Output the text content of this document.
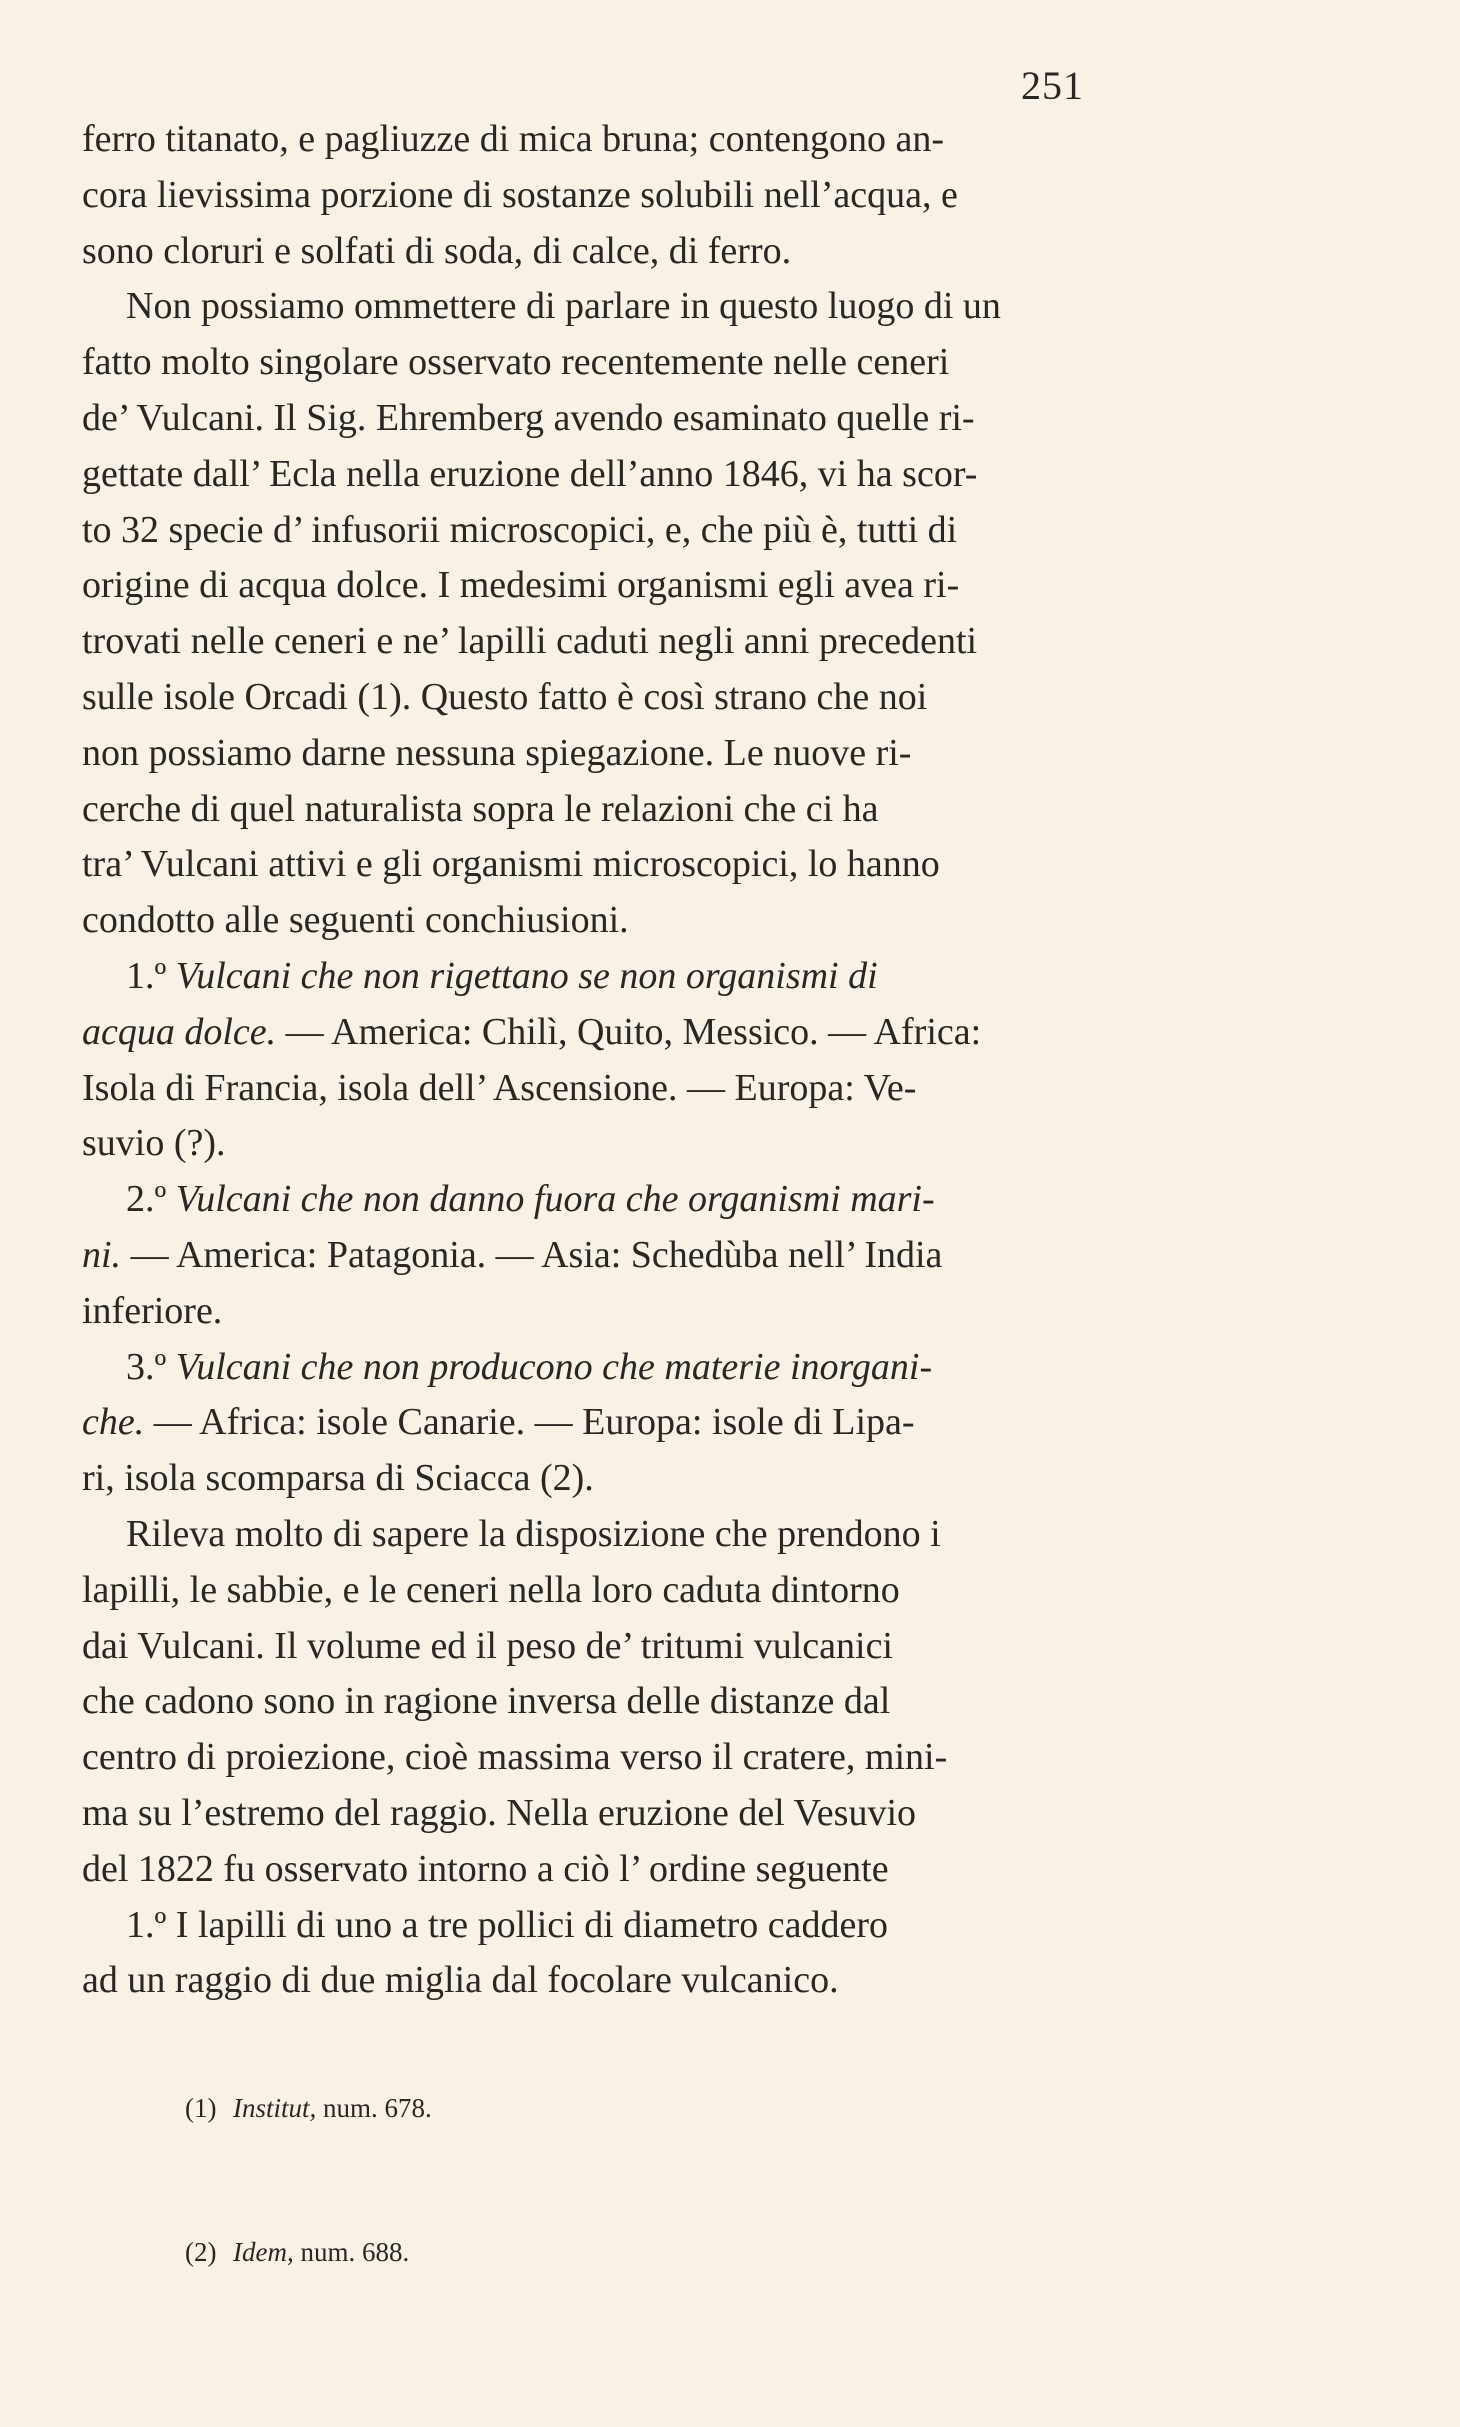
251
ferro titanato, e pagliuzze di mica bruna; contengono an-
cora lievissima porzione di sostanze solubili nell’acqua, e
sono cloruri e solfati di soda, di calce, di ferro.
Non possiamo ommettere di parlare in questo luogo di un
fatto molto singolare osservato recentemente nelle ceneri
de’ Vulcani. Il Sig. Ehremberg avendo esaminato quelle ri-
gettate dall’ Ecla nella eruzione dell’anno 1846, vi ha scor-
to 32 specie d’ infusorii microscopici, e, che più è, tutti di
origine di acqua dolce. I medesimi organismi egli avea ri-
trovati nelle ceneri e ne’ lapilli caduti negli anni precedenti
sulle isole Orcadi (1). Questo fatto è così strano che noi
non possiamo darne nessuna spiegazione. Le nuove ri-
cerche di quel naturalista sopra le relazioni che ci ha
tra’ Vulcani attivi e gli organismi microscopici, lo hanno
condotto alle seguenti conchiusioni.
1.º Vulcani che non rigettano se non organismi di
acqua dolce. — America: Chilì, Quito, Messico. — Africa:
Isola di Francia, isola dell’ Ascensione. — Europa: Ve-
suvio (?).
2.º Vulcani che non danno fuora che organismi mari-
ni. — America: Patagonia. — Asia: Schedùba nell’ India
inferiore.
3.º Vulcani che non producono che materie inorgani-
che. — Africa: isole Canarie. — Europa: isole di Lipa-
ri, isola scomparsa di Sciacca (2).
Rileva molto di sapere la disposizione che prendono i
lapilli, le sabbie, e le ceneri nella loro caduta dintorno
dai Vulcani. Il volume ed il peso de’ tritumi vulcanici
che cadono sono in ragione inversa delle distanze dal
centro di proiezione, cioè massima verso il cratere, mini-
ma su l’estremo del raggio. Nella eruzione del Vesuvio
del 1822 fu osservato intorno a ciò l’ ordine seguente
1.º I lapilli di uno a tre pollici di diametro caddero
ad un raggio di due miglia dal focolare vulcanico.

(1) Institut, num. 678.

(2) Idem, num. 688.
